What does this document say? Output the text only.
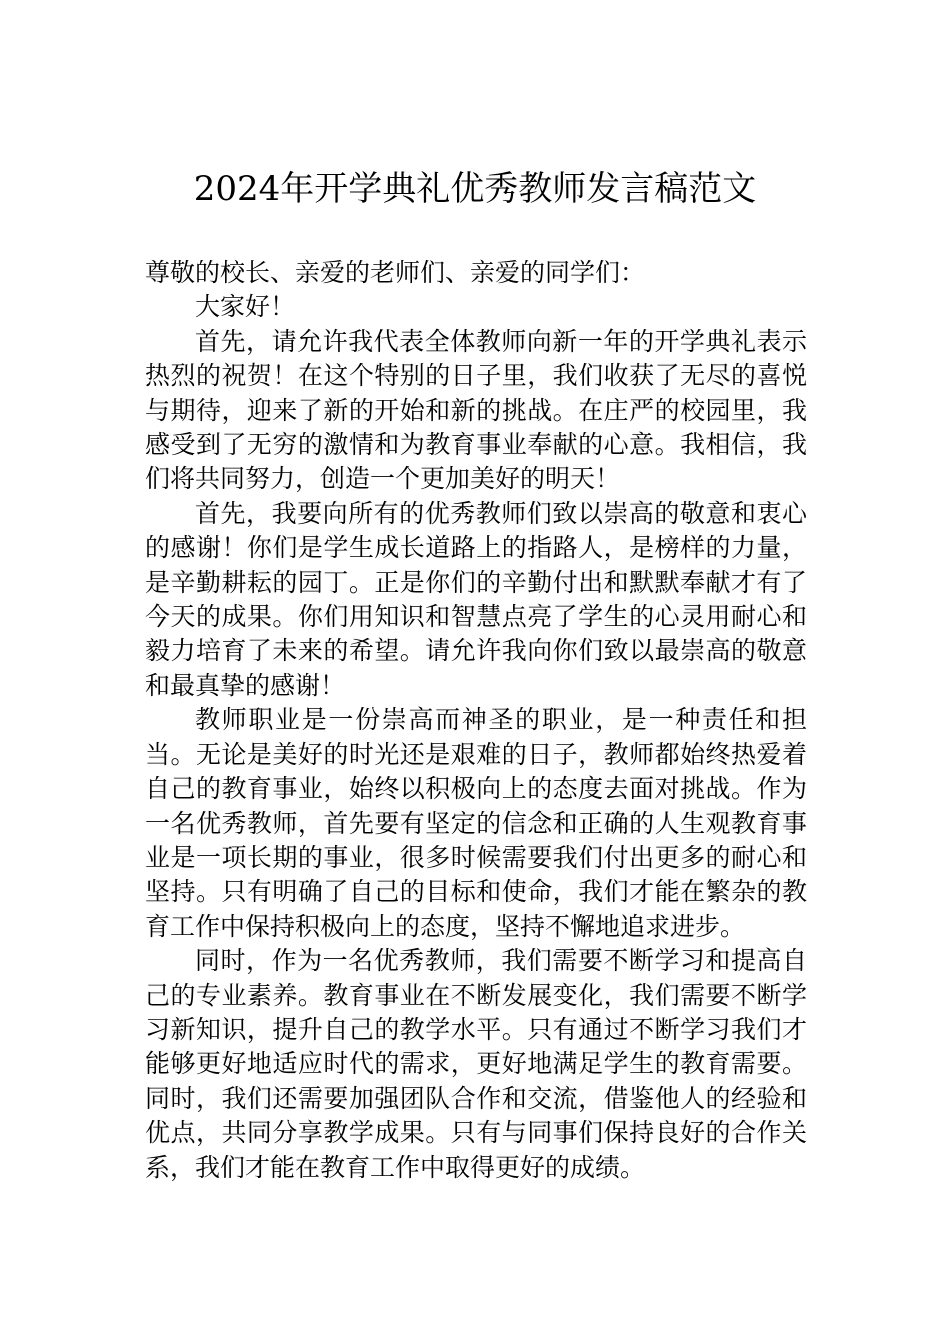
2024年开学典礼优秀教师发言稿范文

尊敬的校长、亲爱的老师们、亲爱的同学们：

大家好！

首先，请允许我代表全体教师向新一年的开学典礼表示热烈的祝贺！在这个特别的日子里，我们收获了无尽的喜悦与期待，迎来了新的开始和新的挑战。在庄严的校园里，我感受到了无穷的激情和为教育事业奉献的心意。我相信，我们将共同努力，创造一个更加美好的明天！

首先，我要向所有的优秀教师们致以崇高的敬意和衷心的感谢！你们是学生成长道路上的指路人，是榜样的力量，是辛勤耕耘的园丁。正是你们的辛勤付出和默默奉献才有了今天的成果。你们用知识和智慧点亮了学生的心灵用耐心和毅力培育了未来的希望。请允许我向你们致以最崇高的敬意和最真挚的感谢！

教师职业是一份崇高而神圣的职业，是一种责任和担当。无论是美好的时光还是艰难的日子，教师都始终热爱着自己的教育事业，始终以积极向上的态度去面对挑战。作为一名优秀教师，首先要有坚定的信念和正确的人生观教育事业是一项长期的事业，很多时候需要我们付出更多的耐心和坚持。只有明确了自己的目标和使命，我们才能在繁杂的教育工作中保持积极向上的态度，坚持不懈地追求进步。

同时，作为一名优秀教师，我们需要不断学习和提高自己的专业素养。教育事业在不断发展变化，我们需要不断学习新知识，提升自己的教学水平。只有通过不断学习我们才能够更好地适应时代的需求，更好地满足学生的教育需要。同时，我们还需要加强团队合作和交流，借鉴他人的经验和优点，共同分享教学成果。只有与同事们保持良好的合作关系，我们才能在教育工作中取得更好的成绩。
